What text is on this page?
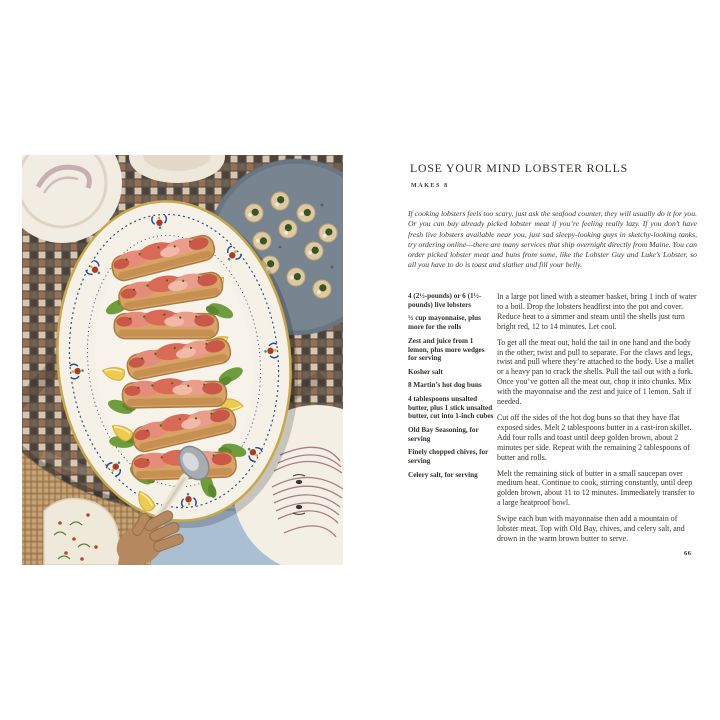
LOSE YOUR MIND LOBSTER ROLLS
MAKES 8

If cooking lobsters feels too scary, just ask the seafood counter, they will usually do it for you. Or you can buy already picked lobster meat if you’re feeling really lazy. If you don’t have fresh live lobsters available near you, just sad sleepy-looking guys in sketchy-looking tanks, try ordering online—there are many services that ship overnight directly from Maine. You can order picked lobster meat and buns from some, like the Lobster Guy and Luke’s Lobster, so all you have to do is toast and slather and fill your belly.

4 (2½-pounds) or 6 (1½-pounds) live lobsters
½ cup mayonnaise, plus more for the rolls
Zest and juice from 1 lemon, plus more wedges for serving
Kosher salt
8 Martin’s hot dog buns
4 tablespoons unsalted butter, plus 1 stick unsalted butter, cut into 1-inch cubes
Old Bay Seasoning, for serving
Finely chopped chives, for serving
Celery salt, for serving

In a large pot lined with a steamer basket, bring 1 inch of water to a boil. Drop the lobsters headfirst into the pot and cover. Reduce heat to a simmer and steam until the shells just turn bright red, 12 to 14 minutes. Let cool.

To get all the meat out, hold the tail in one hand and the body in the other; twist and pull to separate. For the claws and legs, twist and pull where they’re attached to the body. Use a mallet or a heavy pan to crack the shells. Pull the tail out with a fork. Once you’ve gotten all the meat out, chop it into chunks. Mix with the mayonnaise and the zest and juice of 1 lemon. Salt if needed.

Cut off the sides of the hot dog buns so that they have flat exposed sides. Melt 2 tablespoons butter in a cast-iron skillet. Add four rolls and toast until deep golden brown, about 2 minutes per side. Repeat with the remaining 2 tablespoons of butter and rolls.

Melt the remaining stick of butter in a small saucepan over medium heat. Continue to cook, stirring constantly, until deep golden brown, about 11 to 12 minutes. Immediately transfer to a large heatproof bowl.

Swipe each bun with mayonnaise then add a mountain of lobster meat. Top with Old Bay, chives, and celery salt, and drown in the warm brown butter to serve.

66
